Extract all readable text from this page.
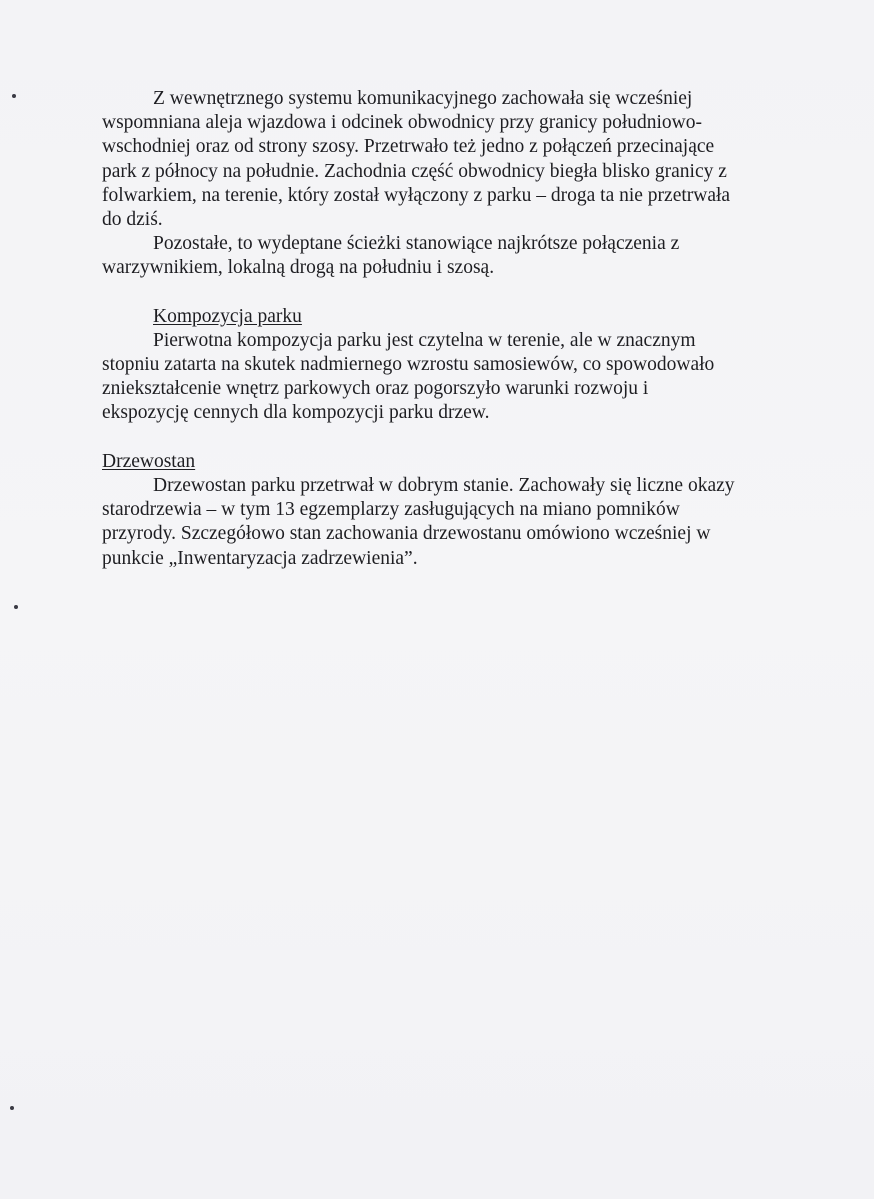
Z wewnętrznego systemu komunikacyjnego zachowała się wcześniej
wspomniana aleja wjazdowa i odcinek obwodnicy przy granicy południowo-
wschodniej oraz od strony szosy. Przetrwało też jedno z połączeń przecinające
park z północy na południe. Zachodnia część obwodnicy biegła blisko granicy z
folwarkiem, na terenie, który został wyłączony z parku – droga ta nie przetrwała
do dziś.
Pozostałe, to wydeptane ścieżki stanowiące najkrótsze połączenia z
warzywnikiem, lokalną drogą na południu i szosą.
Kompozycja parku
Pierwotna kompozycja parku jest czytelna w terenie, ale w znacznym
stopniu zatarta na skutek nadmiernego wzrostu samosiewów, co spowodowało
zniekształcenie wnętrz parkowych oraz pogorszyło warunki rozwoju i
ekspozycję cennych dla kompozycji parku drzew.
Drzewostan
Drzewostan parku przetrwał w dobrym stanie. Zachowały się liczne okazy
starodrzewia – w tym 13 egzemplarzy zasługujących na miano pomników
przyrody. Szczegółowo stan zachowania drzewostanu omówiono wcześniej w
punkcie „Inwentaryzacja zadrzewienia”.
